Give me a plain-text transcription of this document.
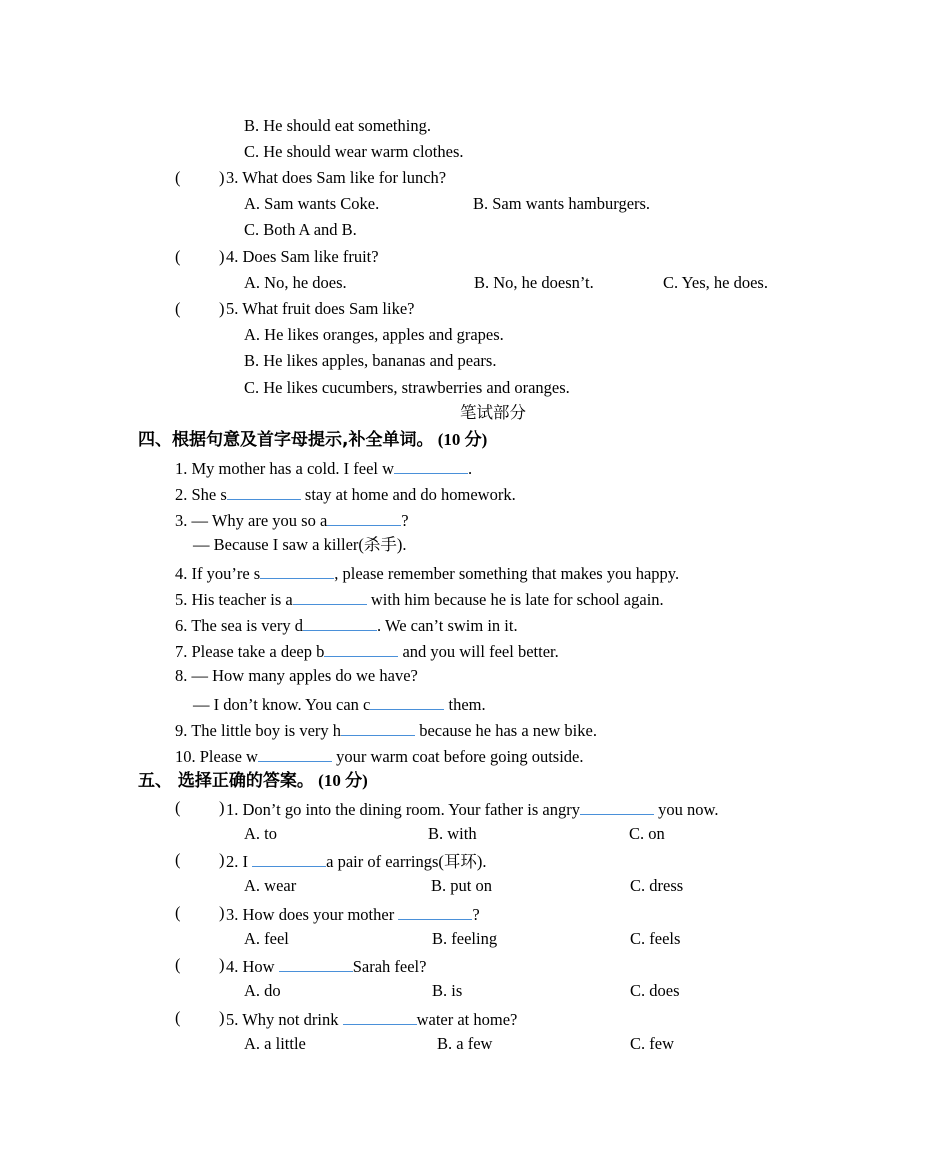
B. He should eat something.
C. He should wear warm clothes.
( ) 3. What does Sam like for lunch?
A. Sam wants Coke.	B. Sam wants hamburgers.
C. Both A and B.
( ) 4. Does Sam like fruit?
A. No, he does.	B. No, he doesn’t.	C. Yes, he does.
( ) 5. What fruit does Sam like?
A. He likes oranges, apples and grapes.
B. He likes apples, bananas and pears.
C. He likes cucumbers, strawberries and oranges.
笔试部分
四、根据句意及首字母提示,补全单词。 (10 分)
1. My mother has a cold. I feel w	.
2. She s	stay at home and do homework.
3. — Why are you so a	?
— Because I saw a killer(杀手).
4. If you’re s	, please remember something that makes you happy.
5. His teacher is a	with him because he is late for school again.
6. The sea is very d	. We can’t swim in it.
7. Please take a deep b	and you will feel better.
8. — How many apples do we have?
— I don’t know. You can c	them.
9. The little boy is very h	because he has a new bike.
10. Please w	your warm coat before going outside.
五、 选择正确的答案。 (10 分)
( ) 1. Don’t go into the dining room. Your father is angry	you now.
A. to	B. with	C. on
( ) 2. I	a pair of earrings(耳环).
A. wear	B. put on	C. dress
( ) 3. How does your mother	?
A. feel	B. feeling	C. feels
( ) 4. How	Sarah feel?
A. do	B. is	C. does
( ) 5. Why not drink	water at home?
A. a little	B. a few	C. few
